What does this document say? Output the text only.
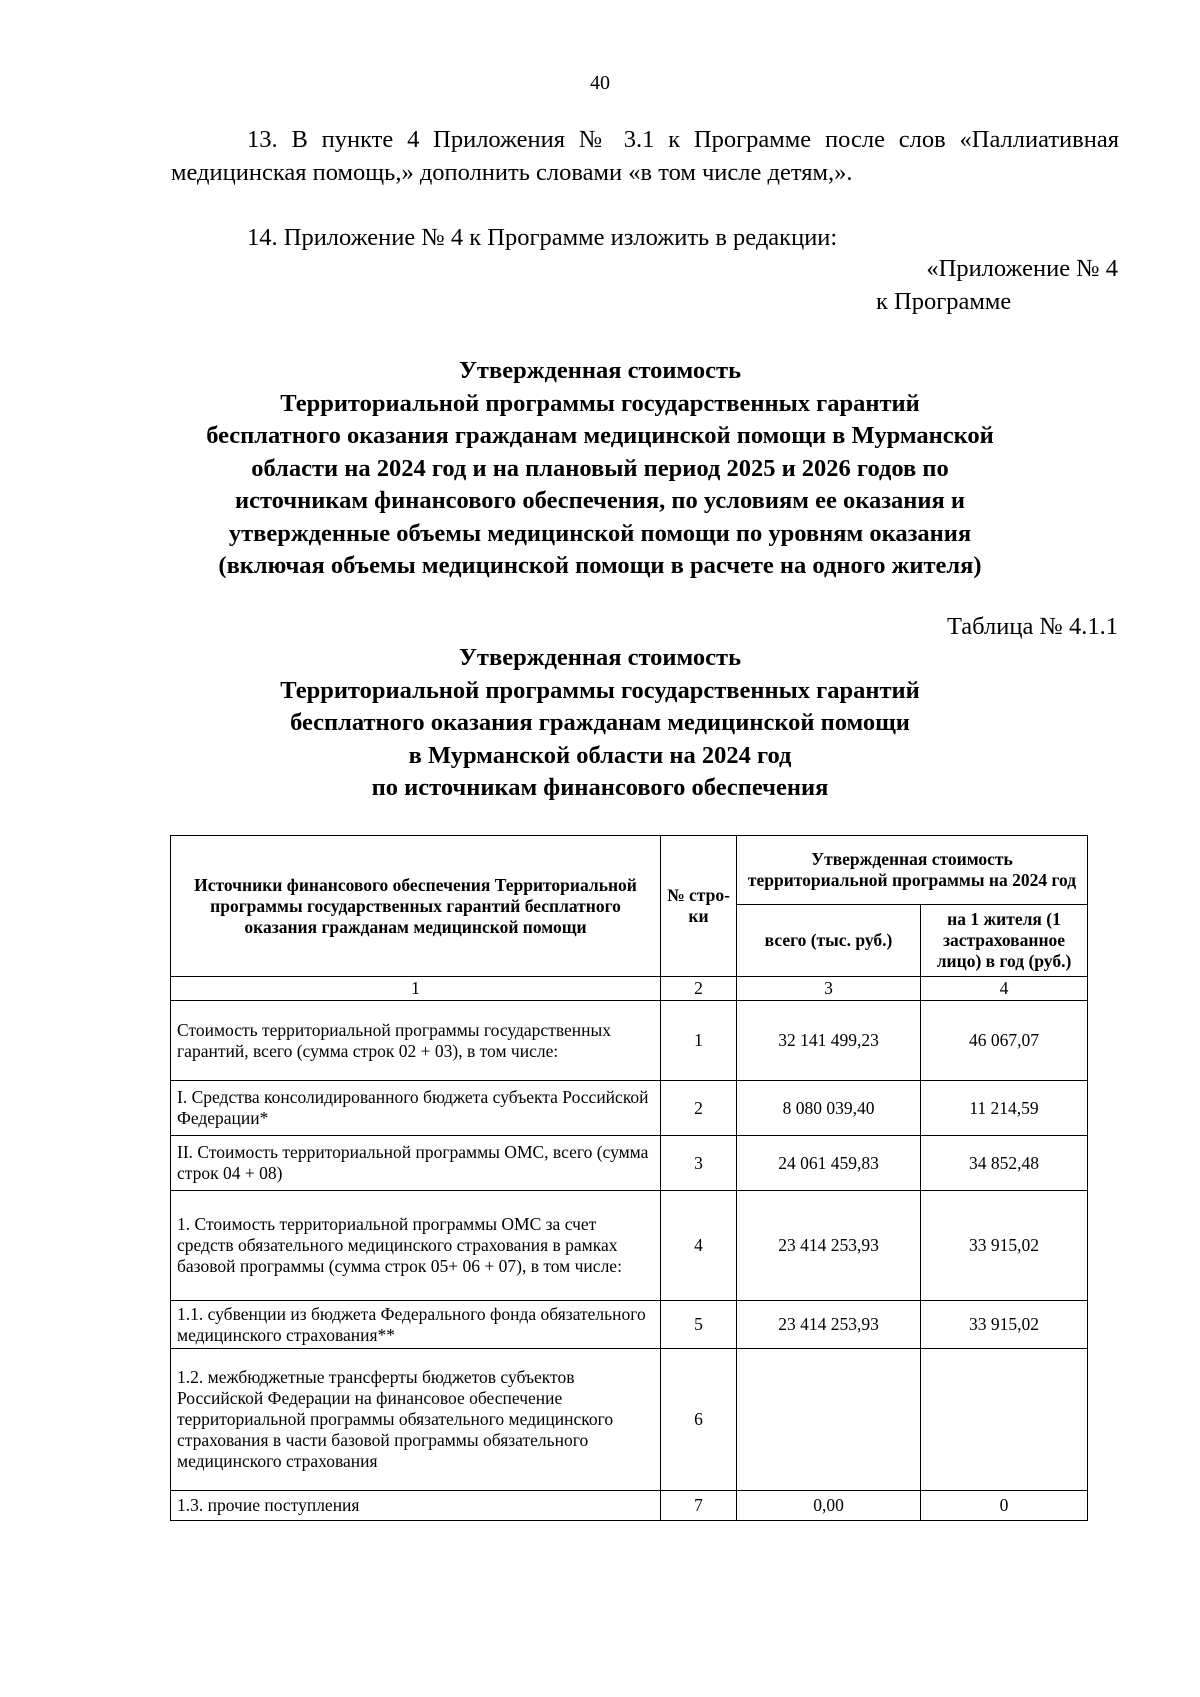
40
13. В пункте 4 Приложения № 3.1 к Программе после слов «Паллиативная медицинская помощь,» дополнить словами «в том числе детям,».
14. Приложение № 4 к Программе изложить в редакции:
«Приложение № 4
к Программе
Утвержденная стоимость
Территориальной программы государственных гарантий
бесплатного оказания гражданам медицинской помощи в Мурманской
области на 2024 год и на плановый период 2025 и 2026 годов по
источникам финансового обеспечения, по условиям ее оказания и
утвержденные объемы медицинской помощи по уровням оказания
(включая объемы медицинской помощи в расчете на одного жителя)
Таблица № 4.1.1
Утвержденная стоимость
Территориальной программы государственных гарантий
бесплатного оказания гражданам медицинской помощи
в Мурманской области на 2024 год
по источникам финансового обеспечения
Источники финансового обеспечения Территориальной программы государственных гарантий бесплатного оказания гражданам медицинской помощи	№ стро-ки	Утвержденная стоимость территориальной программы на 2024 год	
		всего (тыс. руб.)	на 1 жителя (1 застрахованное лицо) в год (руб.)
1	2	3	4
Стоимость территориальной программы государственных гарантий, всего (сумма строк 02 + 03), в том числе:	1	32 141 499,23	46 067,07
I. Средства консолидированного бюджета субъекта Российской Федерации*	2	8 080 039,40	11 214,59
II. Стоимость территориальной программы ОМС, всего (сумма строк 04 + 08)	3	24 061 459,83	34 852,48
1. Стоимость территориальной программы ОМС за счет средств обязательного медицинского страхования в рамках базовой программы (сумма строк 05+ 06 + 07), в том числе:	4	23 414 253,93	33 915,02
1.1. субвенции из бюджета Федерального фонда обязательного медицинского страхования**	5	23 414 253,93	33 915,02
1.2. межбюджетные трансферты бюджетов субъектов Российской Федерации на финансовое обеспечение территориальной программы обязательного медицинского страхования в части базовой программы обязательного медицинского страхования	6		
1.3. прочие поступления	7	0,00	0
